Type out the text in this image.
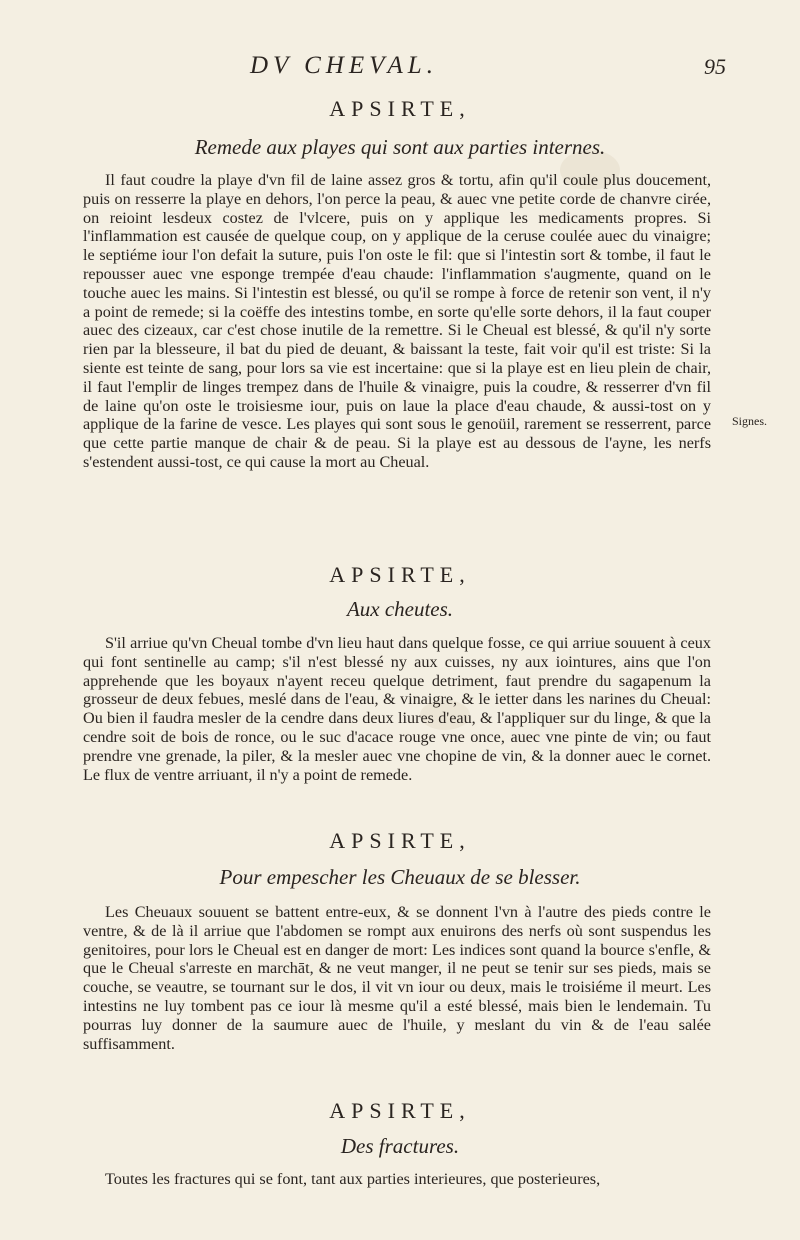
DV CHEVAL.	95
APSIRTE,
Remede aux playes qui sont aux parties internes.

Il faut coudre la playe d'vn fil de laine assez gros & tortu, afin qu'il coule plus doucement, puis on resserre la playe en dehors, l'on perce la peau, & auec vne petite corde de chanvre cirée, on reioint lesdeux costez de l'vlcere, puis on y applique les medicaments propres. Si l'inflammation est causée de quelque coup, on y applique de la ceruse coulée auec du vinaigre; le septiéme iour l'on defait la suture, puis l'on oste le fil: que si l'intestin sort & tombe, il faut le repousser auec vne esponge trempée d'eau chaude: l'inflammation s'augmente, quand on le touche auec les mains. Si l'intestin est blessé, ou qu'il se rompe à force de retenir son vent, il n'y a point de remede; si la coëffe des intestins tombe, en sorte qu'elle sorte dehors, il la faut couper auec des cizeaux, car c'est chose inutile de la remettre. Si le Cheual est blessé, & qu'il n'y sorte rien par la blesseure, il bat du pied de deuant, & baissant la teste, fait voir qu'il est triste: Si la siente est teinte de sang, pour lors sa vie est incertaine: que si la playe est en lieu plein de chair, il faut l'emplir de linges trempez dans de l'huile & vinaigre, puis la coudre, & resserrer d'vn fil de laine qu'on oste le troisiesme iour, puis on laue la place d'eau chaude, & aussi-tost on y applique de la farine de vesce. Les playes qui sont sous le genoüil, rarement se resserrent, parce que cette partie manque de chair & de peau. Si la playe est au dessous de l'ayne, les nerfs s'estendent aussi-tost, ce qui cause la mort au Cheual.

Signes.
APSIRTE,
Aux cheutes.

S'il arriue qu'vn Cheual tombe d'vn lieu haut dans quelque fosse, ce qui arriue souuent à ceux qui font sentinelle au camp; s'il n'est blessé ny aux cuisses, ny aux iointures, ains que l'on apprehende que les boyaux n'ayent receu quelque detriment, faut prendre du sagapenum la grosseur de deux febues, meslé dans de l'eau, & vinaigre, & le ietter dans les narines du Cheual: Ou bien il faudra mesler de la cendre dans deux liures d'eau, & l'appliquer sur du linge, & que la cendre soit de bois de ronce, ou le suc d'acace rouge vne once, auec vne pinte de vin; ou faut prendre vne grenade, la piler, & la mesler auec vne chopine de vin, & la donner auec le cornet. Le flux de ventre arriuant, il n'y a point de remede.

APSIRTE,
Pour empescher les Cheuaux de se blesser.

Les Cheuaux souuent se battent entre-eux, & se donnent l'vn à l'autre des pieds contre le ventre, & de là il arriue que l'abdomen se rompt aux enuirons des nerfs où sont suspendus les genitoires, pour lors le Cheual est en danger de mort: Les indices sont quand la bource s'enfle, & que le Cheual s'arreste en marchāt, & ne veut manger, il ne peut se tenir sur ses pieds, mais se couche, se veautre, se tournant sur le dos, il vit vn iour ou deux, mais le troisiéme il meurt. Les intestins ne luy tombent pas ce iour là mesme qu'il a esté blessé, mais bien le lendemain. Tu pourras luy donner de la saumure auec de l'huile, y meslant du vin & de l'eau salée suffisamment.

APSIRTE,
Des fractures.

Toutes les fractures qui se font, tant aux parties interieures, que posterieures,
